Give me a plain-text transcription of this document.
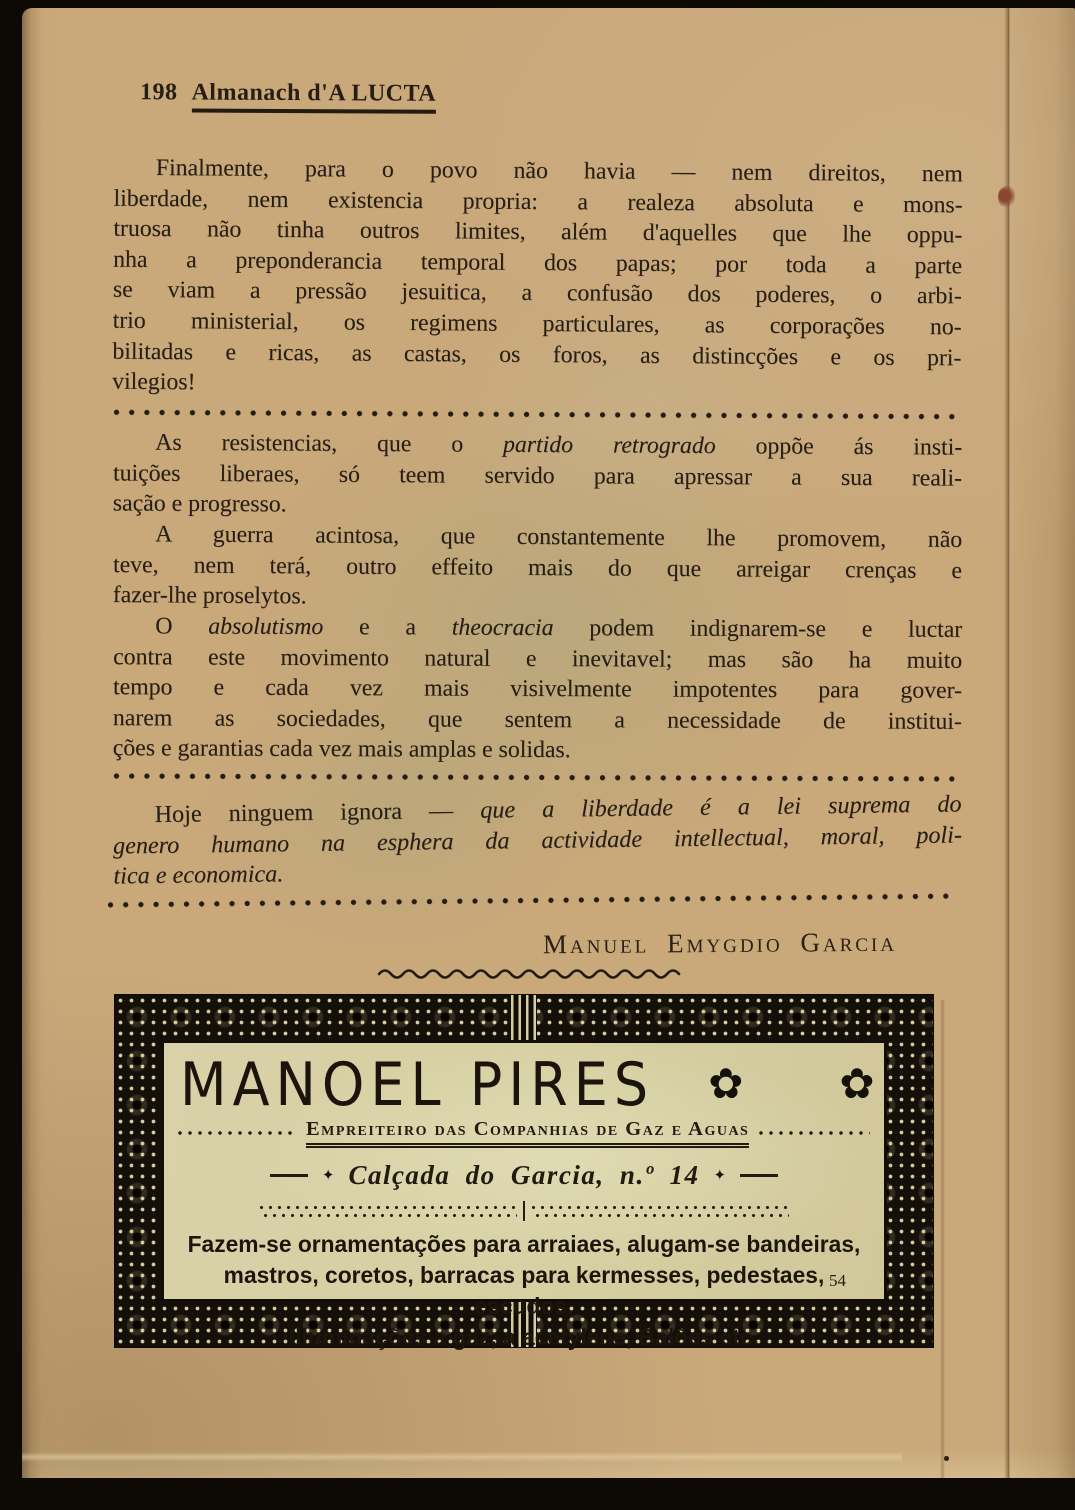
198 Almanach d'A LUCTA
Finalmente, para o povo não havia — nem direitos, nem
liberdade, nem existencia propria: a realeza absoluta e mons-
truosa não tinha outros limites, além d'aquelles que lhe oppu-
nha a preponderancia temporal dos papas; por toda a parte
se viam a pressão jesuitica, a confusão dos poderes, o arbi-
trio ministerial, os regimens particulares, as corporações no-
bilitadas e ricas, as castas, os foros, as distincções e os pri-
vilegios!
As resistencias, que o partido retrogrado oppõe ás insti-
tuições liberaes, só teem servido para apressar a sua reali-
sação e progresso.
A guerra acintosa, que constantemente lhe promovem, não
teve, nem terá, outro effeito mais do que arreigar crenças e
fazer-lhe proselytos.
O absolutismo e a theocracia podem indignarem-se e luctar
contra este movimento natural e inevitavel; mas são ha muito
tempo e cada vez mais visivelmente impotentes para gover-
narem as sociedades, que sentem a necessidade de institui-
ções e garantias cada vez mais amplas e solidas.
Hoje ninguem ignora — que a liberdade é a lei suprema do
genero humano na esphera da actividade intellectual, moral, poli-
tica e economica.
Manuel Emygdio Garcia
MANOEL PIRES ✿ ✿
Empreiteiro das Companhias de Gaz e Aguas
✦ Calçada do Garcia, n.º 14 ✦
Fazem-se ornamentações para arraiaes, alugam-se bandeiras,
mastros, coretos, barracas para kermesses, pedestaes, escudos.
Illuminações a gaz, a acetylene, Balões etc.
54
